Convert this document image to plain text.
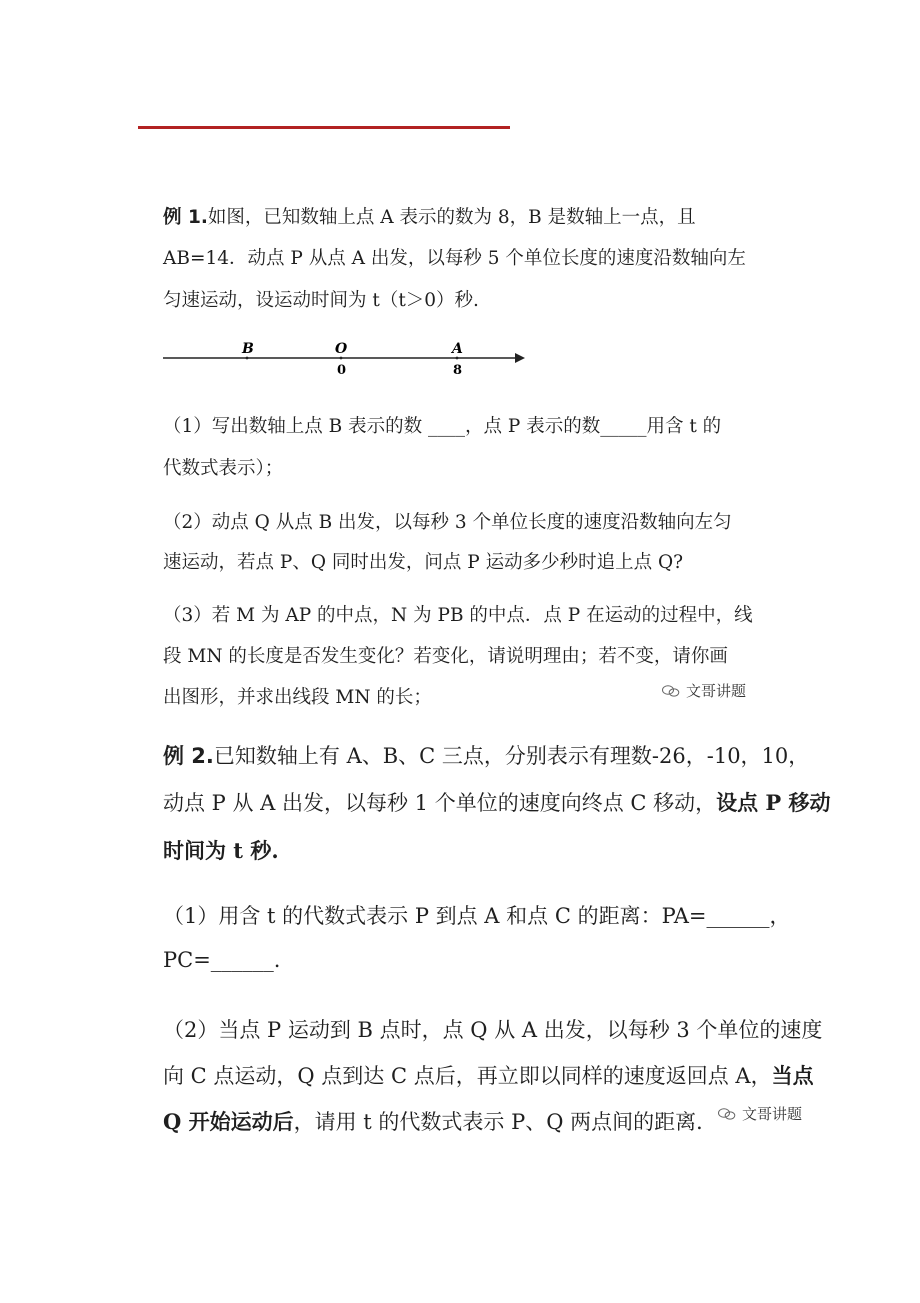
例 1.如图，已知数轴上点 A 表示的数为 8，B 是数轴上一点，且
AB=14．动点 P 从点 A 出发，以每秒 5 个单位长度的速度沿数轴向左
匀速运动，设运动时间为 t（t＞0）秒.
B	O	A
0	8
（1）写出数轴上点 B 表示的数 ____，点 P 表示的数_____用含 t 的
代数式表示）；
（2）动点 Q 从点 B 出发，以每秒 3 个单位长度的速度沿数轴向左匀
速运动，若点 P、Q 同时出发，问点 P 运动多少秒时追上点 Q?
（3）若 M 为 AP 的中点，N 为 PB 的中点．点 P 在运动的过程中，线
段 MN 的长度是否发生变化？若变化，请说明理由；若不变，请你画
出图形，并求出线段 MN 的长；	文哥讲题
例 2.已知数轴上有 A、B、C 三点，分别表示有理数-26，-10，10，
动点 P 从 A 出发，以每秒 1 个单位的速度向终点 C 移动，设点 P 移动
时间为 t 秒.
（1）用含 t 的代数式表示 P 到点 A 和点 C 的距离：PA=______，
PC=______.
（2）当点 P 运动到 B 点时，点 Q 从 A 出发，以每秒 3 个单位的速度
向 C 点运动，Q 点到达 C 点后，再立即以同样的速度返回点 A，当点
Q 开始运动后，请用 t 的代数式表示 P、Q 两点间的距离． 文哥讲题
